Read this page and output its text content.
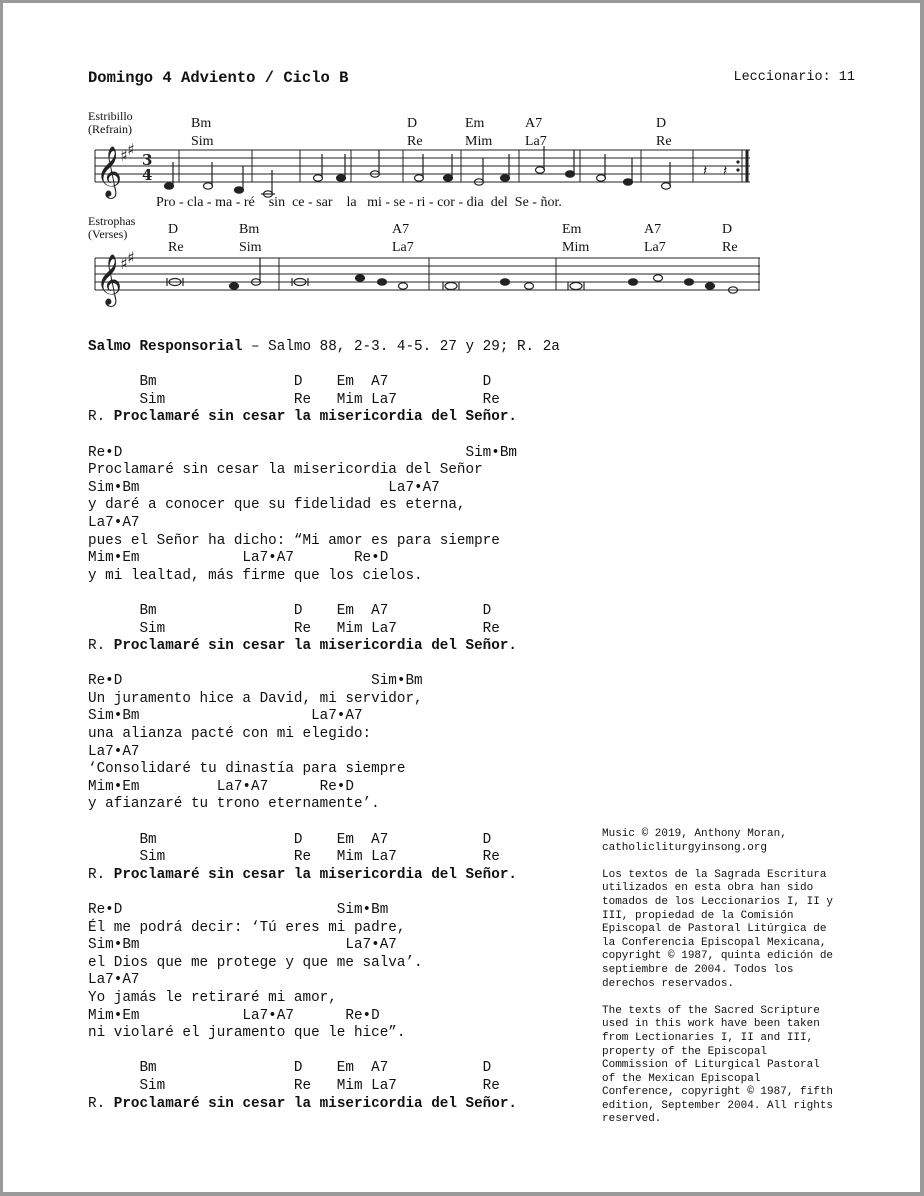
Domingo 4 Adviento / Ciclo B	Leccionario: 11
Estribillo
(Refrain)	Bm
Sim
D
Re
Em
Mim
A7
La7
D
Re
𝄞
♯ ♯
3
4	𝄽 𝄽
Pro - cla - ma - ré    sin  ce - sar    la   mi - se - ri - cor - dia  del  Se - ñor.
Estrophas
(Verses)	D
Re
Bm
Sim
A7
La7
Em
Mim
A7
La7
D
Re
𝄞
♯ ♯
Salmo Responsorial – Salmo 88, 2-3. 4-5. 27 y 29; R. 2a

Bm                D    Em  A7           D
Sim               Re   Mim La7          Re
R. Proclamaré sin cesar la misericordia del Señor.

Re•D                                        Sim•Bm
Proclamaré sin cesar la misericordia del Señor
Sim•Bm                             La7•A7
y daré a conocer que su fidelidad es eterna,
La7•A7
pues el Señor ha dicho: “Mi amor es para siempre
Mim•Em            La7•A7       Re•D
y mi lealtad, más firme que los cielos.

Bm                D    Em  A7           D
Sim               Re   Mim La7          Re
R. Proclamaré sin cesar la misericordia del Señor.

Re•D                             Sim•Bm
Un juramento hice a David, mi servidor,
Sim•Bm                    La7•A7
una alianza pacté con mi elegido:
La7•A7
‘Consolidaré tu dinastía para siempre
Mim•Em         La7•A7      Re•D
y afianzaré tu trono eternamente’.

Bm                D    Em  A7           D
Sim               Re   Mim La7          Re
R. Proclamaré sin cesar la misericordia del Señor.

Re•D                         Sim•Bm
Él me podrá decir: ‘Tú eres mi padre,
Sim•Bm                        La7•A7
el Dios que me protege y que me salva’.
La7•A7
Yo jamás le retiraré mi amor,
Mim•Em            La7•A7      Re•D
ni violaré el juramento que le hice”.

Bm                D    Em  A7           D
Sim               Re   Mim La7          Re
R. Proclamaré sin cesar la misericordia del Señor.

Music © 2019, Anthony Moran,
catholicliturgyinsong.org

Los textos de la Sagrada Escritura
utilizados en esta obra han sido
tomados de los Leccionarios I, II y
III, propiedad de la Comisión
Episcopal de Pastoral Litúrgica de
la Conferencia Episcopal Mexicana,
copyright © 1987, quinta edición de
septiembre de 2004. Todos los
derechos reservados.

The texts of the Sacred Scripture
used in this work have been taken
from Lectionaries I, II and III,
property of the Episcopal
Commission of Liturgical Pastoral
of the Mexican Episcopal
Conference, copyright © 1987, fifth
edition, September 2004. All rights
reserved.
